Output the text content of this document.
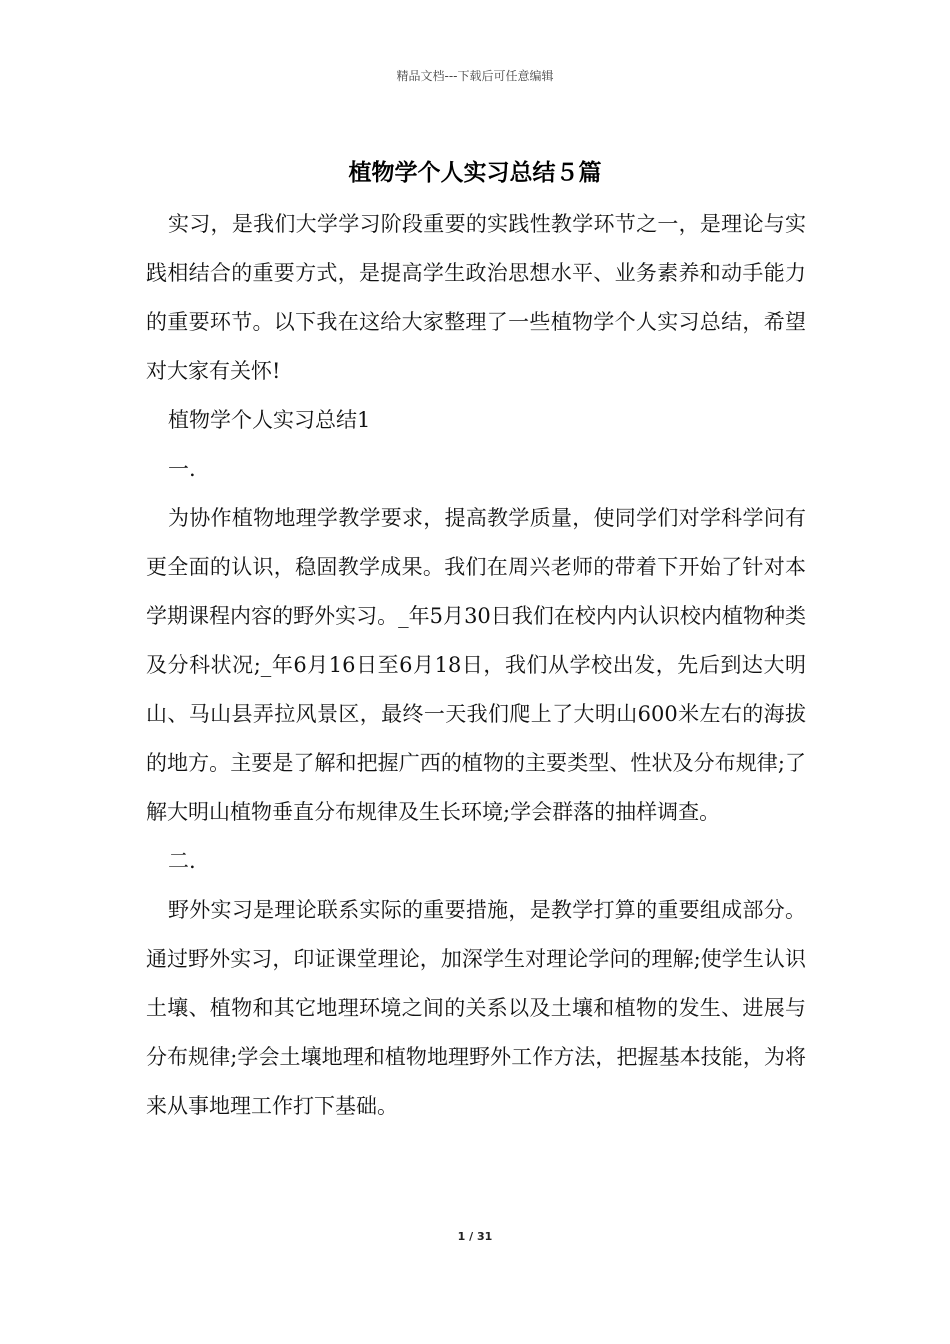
精品文档---下载后可任意编辑
植物学个人实习总结５篇

实习，是我们大学学习阶段重要的实践性教学环节之一，是理论与实践相结合的重要方式，是提高学生政治思想水平、业务素养和动手能力的重要环节。以下我在这给大家整理了一些植物学个人实习总结，希望对大家有关怀!

植物学个人实习总结1

一.

为协作植物地理学教学要求，提高教学质量，使同学们对学科学问有更全面的认识，稳固教学成果。我们在周兴老师的带着下开始了针对本学期课程内容的野外实习。_年5月30日我们在校内内认识校内植物种类及分科状况;_年6月16日至6月18日，我们从学校出发，先后到达大明山、马山县弄拉风景区，最终一天我们爬上了大明山600米左右的海拔的地方。主要是了解和把握广西的植物的主要类型、性状及分布规律;了解大明山植物垂直分布规律及生长环境;学会群落的抽样调查。

二.

野外实习是理论联系实际的重要措施，是教学打算的重要组成部分。通过野外实习，印证课堂理论，加深学生对理论学问的理解;使学生认识土壤、植物和其它地理环境之间的关系以及土壤和植物的发生、进展与分布规律;学会土壤地理和植物地理野外工作方法，把握基本技能，为将来从事地理工作打下基础。

1 / 31
